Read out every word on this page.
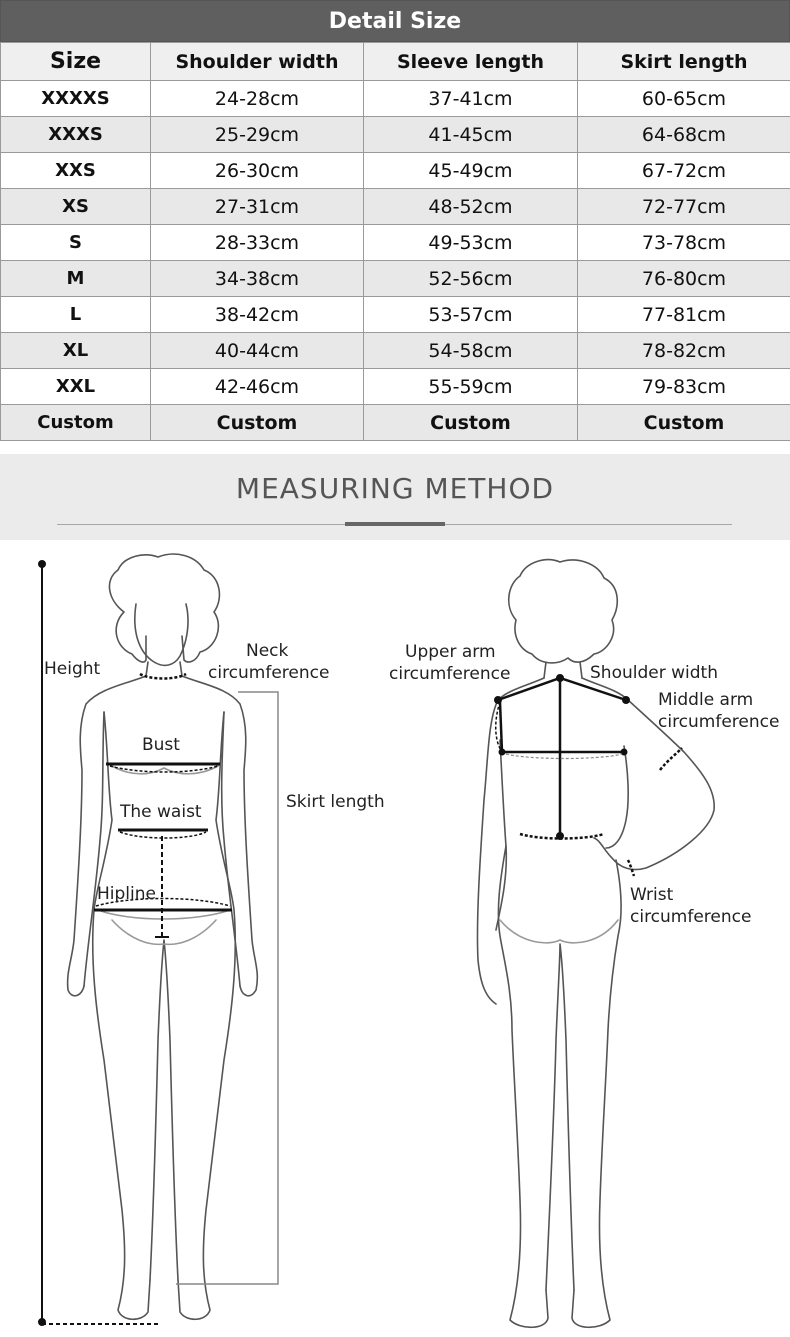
Detail Size
Size	Shoulder width	Sleeve length	Skirt length
XXXXS	24-28cm	37-41cm	60-65cm
XXXS	25-29cm	41-45cm	64-68cm
XXS	26-30cm	45-49cm	67-72cm
XS	27-31cm	48-52cm	72-77cm
S	28-33cm	49-53cm	73-78cm
M	34-38cm	52-56cm	76-80cm
L	38-42cm	53-57cm	77-81cm
XL	40-44cm	54-58cm	78-82cm
XXL	42-46cm	55-59cm	79-83cm
Custom	Custom	Custom	Custom
MEASURING METHOD
Height
Neck
circumference
Bust
The waist	Skirt length
Hipline
Upper arm
circumference	Shoulder width
Middle arm
circumference
Wrist
circumference
